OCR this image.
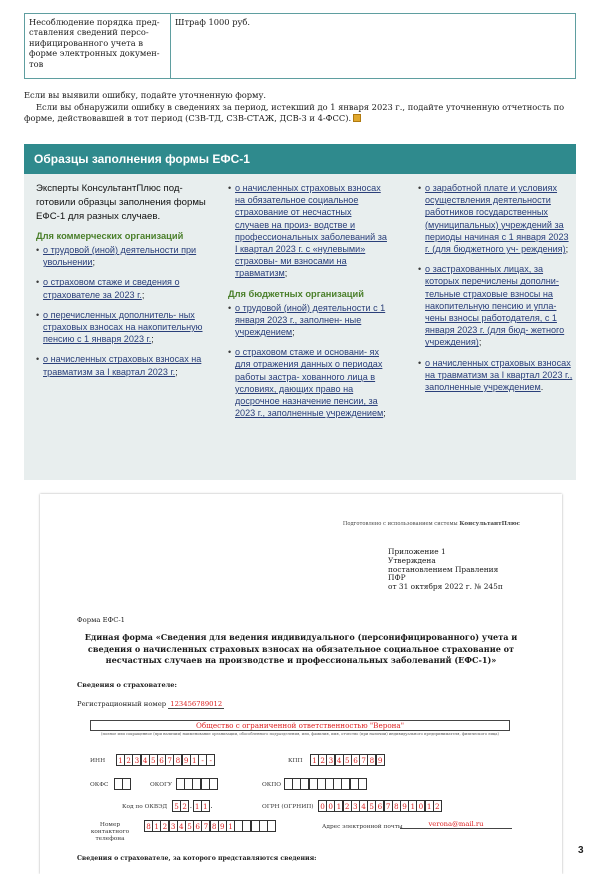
Несоблюдение порядка пред- ставления сведений персо- нифицированного учета в форме электронных докумен- тов
Штраф 1000 руб.

Если вы выявили ошибку, подайте уточненную форму.

Если вы обнаружили ошибку в сведениях за период, истекший до 1 января 2023 г., подайте уточненную отчетность по форме, действовавшей в тот период (СЗВ-ТД, СЗВ-СТАЖ, ДСВ-3 и 4-ФСС).

Образцы заполнения формы ЕФС-1
Эксперты КонсультантПлюс под- готовили образцы заполнения формы ЕФС-1 для разных случаев.
Для коммерческих организаций
• о трудовой (иной) деятельности при увольнении;
• о страховом стаже и сведения о страхователе за 2023 г.;
• о перечисленных дополнитель- ных страховых взносах на накопительную пенсию с 1 января 2023 г.;
• о начисленных страховых взносах на травматизм за I квартал 2023 г.;
• о начисленных страховых взносах на обязательное социальное страхование от несчастных случаев на произ- водстве и профессиональных заболеваний за I квартал 2023 г. с «нулевыми» страховы- ми взносами на травматизм;
Для бюджетных организаций
• о трудовой (иной) деятельности с 1 января 2023 г., заполнен- ные учреждением;
• о страховом стаже и основани- ях для отражения данных о периодах работы застра- хованного лица в условиях, дающих право на досрочное назначение пенсии, за 2023 г., заполненные учреждением;
• о заработной плате и условиях осуществления деятельности работников государственных (муниципальных) учреждений за периоды начиная с 1 января 2023 г. (для бюджетного уч- реждения);
• о застрахованных лицах, за которых перечислены дополни- тельные страховые взносы на накопительную пенсию и упла- чены взносы работодателя, с 1 января 2023 г. (для бюд- жетного учреждения);
• о начисленных страховых взносах на травматизм за I квартал 2023 г., заполненные учреждением.
Подготовлено с использованием системы КонсультантПлюс
Приложение 1
Утверждена
постановлением Правления
ПФР
от 31 октября 2022 г. № 245п
Форма ЕФС-1
Единая форма «Сведения для ведения индивидуального (персонифицированного) учета и сведения о начисленных страховых взносах на обязательное социальное страхование от несчастных случаев на производстве и профессиональных заболеваний (ЕФС-1)»
Сведения о страхователе:
Регистрационный номер 123456789012
Общество с ограниченной ответственностью "Верона"
(полное или сокращенное (при наличии) наименование организации, обособленного подразделения, или, фамилия, имя, отчество (при наличии) индивидуального предпринимателя, физического лица)
ИНН	1 2 3 4 5 6 7 8 9 1 - -	КПП	1 2 3 4 5 6 7 8 9
ОКФС	ОКОГУ	ОКПО
Код по ОКВЭД 5 2 . 1 1 .	ОГРН (ОГРНИП) 0 0 1 2 3 4 5 6 7 8 9 1 0 1 2
Номер контактного телефона
8 1 2 3 4 5 6 7 8 9 1	Адрес электронной почты	verona@mail.ru
Сведения о страхователе, за которого представляются сведения:
3
